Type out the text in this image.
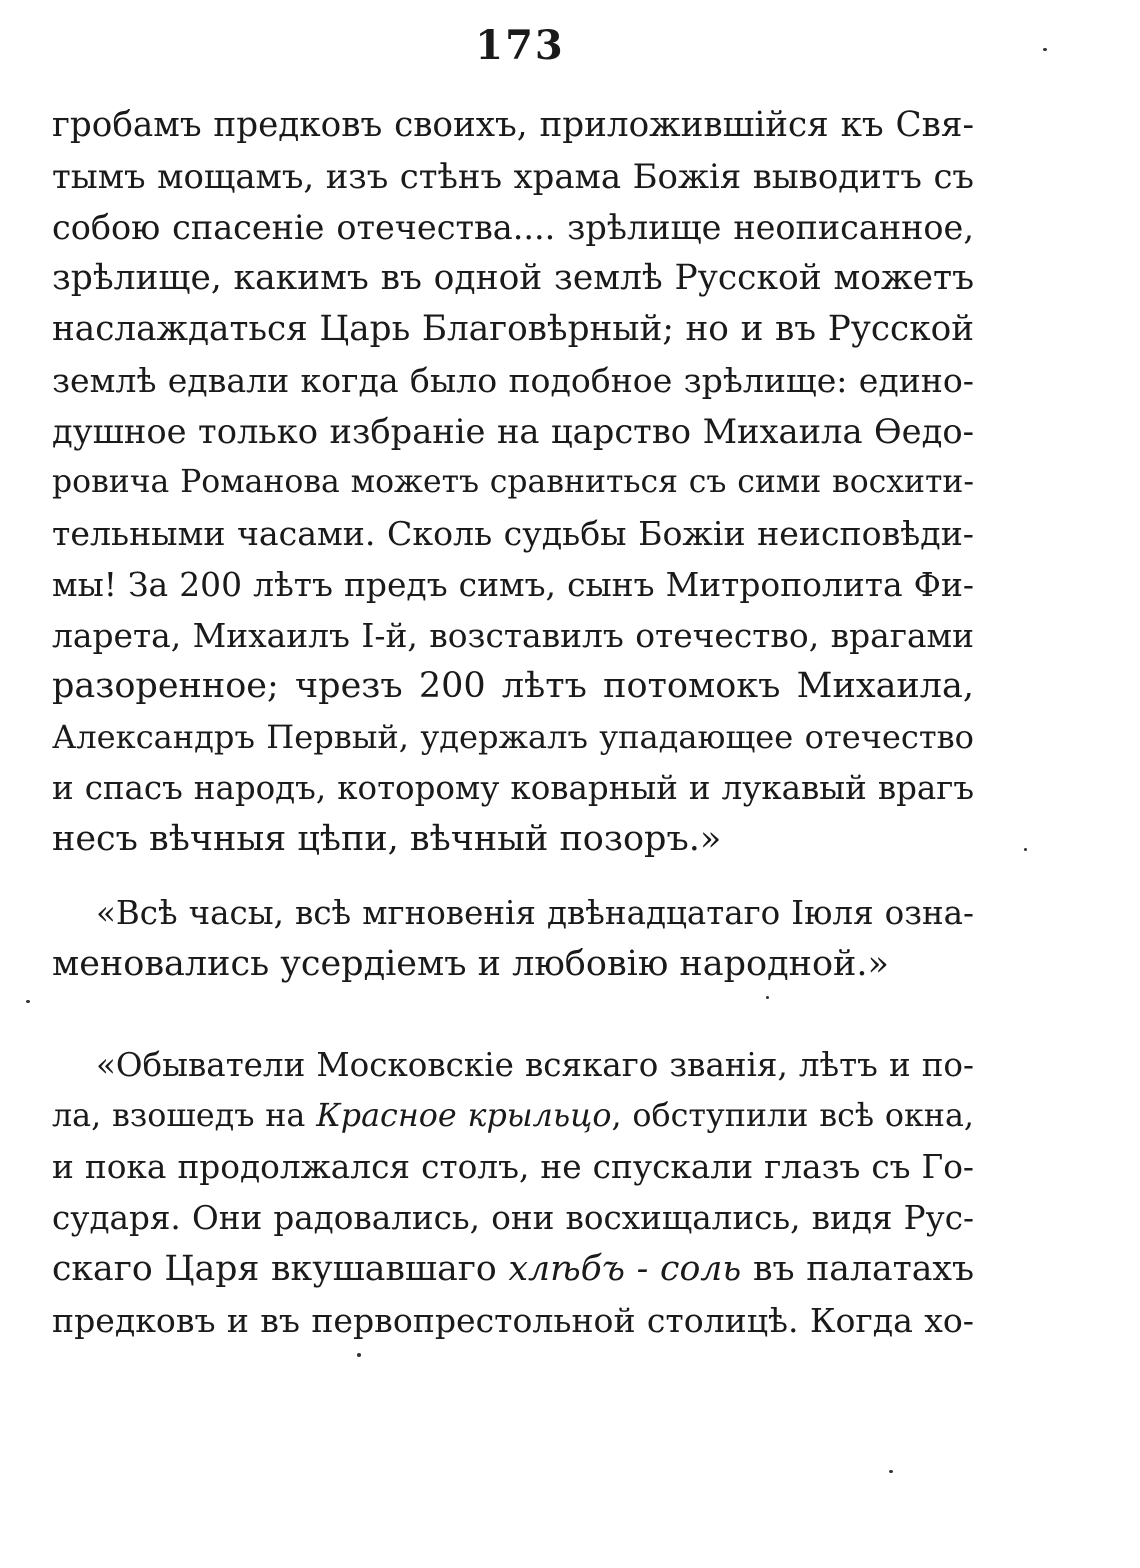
173
гробамъ предковъ своихъ, приложившійся къ Свя-
тымъ мощамъ, изъ стѣнъ храма Божія выводитъ съ
собою спасеніе отечества.... зрѣлище неописанное,
зрѣлище, какимъ въ одной землѣ Русской можетъ
наслаждаться Царь Благовѣрный; но и въ Русской
землѣ едвали когда было подобное зрѣлище: едино-
душное только избраніе на царство Михаила Ѳедо-
ровича Романова можетъ сравниться съ сими восхити-
тельными часами. Сколь судьбы Божіи неисповѣди-
мы! За 200 лѣтъ предъ симъ, сынъ Митрополита Фи-
ларета, Михаилъ I-й, возставилъ отечество, врагами
разоренное; чрезъ 200 лѣтъ потомокъ Михаила,
Александръ Первый, удержалъ упадающее отечество
и спасъ народъ, которому коварный и лукавый врагъ
несъ вѣчныя цѣпи, вѣчный позоръ.»
«Всѣ часы, всѣ мгновенія двѣнадцатаго Іюля озна-
меновались усердіемъ и любовію народной.»
«Обыватели Московскіе всякаго званія, лѣтъ и по-
ла, взошедъ на Красное крыльцо, обступили всѣ окна,
и пока продолжался столъ, не спускали глазъ съ Го-
сударя. Они радовались, они восхищались, видя Рус-
скаго Царя вкушавшаго хлѣбъ - соль въ палатахъ
предковъ и въ первопрестольной столицѣ. Когда хо-
